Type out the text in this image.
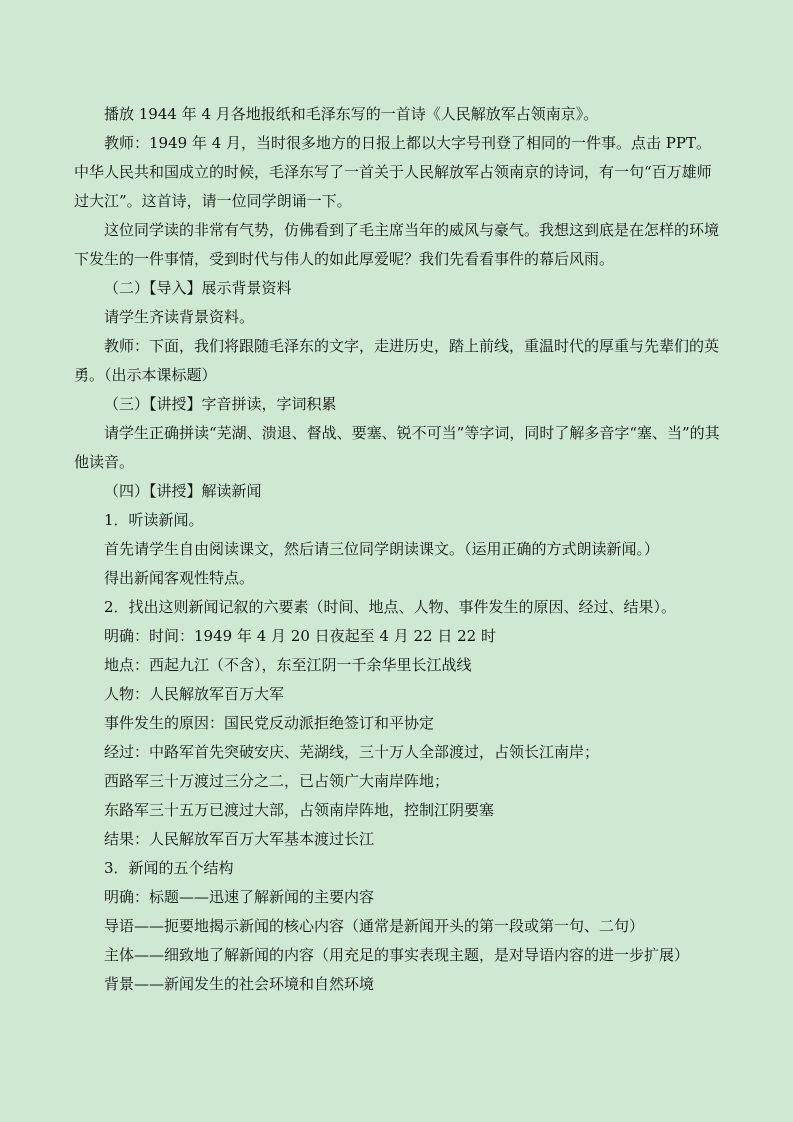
播放 1944 年 4 月各地报纸和毛泽东写的一首诗《人民解放军占领南京》。

教师：1949 年 4 月，当时很多地方的日报上都以大字号刊登了相同的一件事。点击 PPT。中华人民共和国成立的时候，毛泽东写了一首关于人民解放军占领南京的诗词，有一句“百万雄师过大江”。这首诗，请一位同学朗诵一下。

这位同学读的非常有气势，仿佛看到了毛主席当年的威风与豪气。我想这到底是在怎样的环境下发生的一件事情，受到时代与伟人的如此厚爱呢？我们先看看事件的幕后风雨。

（二）【导入】展示背景资料

请学生齐读背景资料。

教师：下面，我们将跟随毛泽东的文字，走进历史，踏上前线，重温时代的厚重与先辈们的英勇。（出示本课标题）

（三）【讲授】字音拼读，字词积累

请学生正确拼读“芜湖、溃退、督战、要塞、锐不可当”等字词，同时了解多音字“塞、当”的其他读音。

（四）【讲授】解读新闻

1．听读新闻。

首先请学生自由阅读课文，然后请三位同学朗读课文。（运用正确的方式朗读新闻。）

得出新闻客观性特点。

2．找出这则新闻记叙的六要素（时间、地点、人物、事件发生的原因、经过、结果）。

明确：时间：1949 年 4 月 20 日夜起至 4 月 22 日 22 时

地点：西起九江（不含），东至江阴一千余华里长江战线

人物：人民解放军百万大军

事件发生的原因：国民党反动派拒绝签订和平协定

经过：中路军首先突破安庆、芜湖线，三十万人全部渡过，占领长江南岸；

西路军三十万渡过三分之二，已占领广大南岸阵地；

东路军三十五万已渡过大部，占领南岸阵地，控制江阴要塞

结果：人民解放军百万大军基本渡过长江

3．新闻的五个结构

明确：标题——迅速了解新闻的主要内容

导语——扼要地揭示新闻的核心内容（通常是新闻开头的第一段或第一句、二句）

主体——细致地了解新闻的内容（用充足的事实表现主题，是对导语内容的进一步扩展）

背景——新闻发生的社会环境和自然环境
